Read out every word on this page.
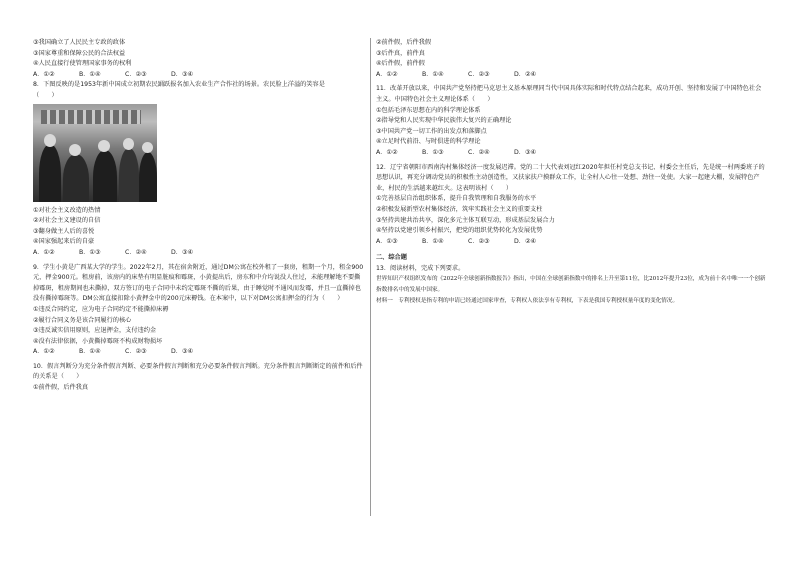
③我国确立了人民民主专政的政体
③国家尊重和保障公民的合法权益
④人民直接行使管理国家事务的权利
A．①②	B．①④	C．②③	D．③④
8．下图反映的是1953年新中国成立初期农民踊跃报名加入农业生产合作社的场景。农民脸上洋溢的笑容是
（　　）
①对社会主义改造的热情
②对社会主义建设的自信
③翻身做主人后的喜悦
④国家强起来后的自豪
A．①②	B．①③	C．②④	D．③④
9．学生小黄是广西某大学的学生。2022年2月，其在宿舍附近，通过DM公寓在校外租了一套房，租期一个月，租金900元，押金900元。租房前，该房内的床垫有明显脏痕和霉斑，小黄提出后，房东和中介均说没人住过，未能理解地不要撕掉霉斑，租房期间也未撕掉，双方签订的电子合同中未约定霉斑不撕的后果，由于睡觉时不通风而发霉，并且一直撕掉也没有撕掉霉斑等。DM公寓直接扣除小黄押金中的200元床褥钱。在本案中，以下对DM公寓扣押金的行为（　　）
①违反合同约定，应为电子合同约定不能撕掉床褥
②履行合同义务是该合同履行的核心
③违反诚实信用原则，应退押金，支付违约金
④没有法律依据，小黄撕掉霉斑不构成财物损坏
A．①②	B．①④	C．②③	D．③④
10．假言判断分为充分条件假言判断、必要条件假言判断和充分必要条件假言判断。充分条件假言判断断定的前件和后件的关系是（　　）
①前件假，后件我真
②前件假，后件我假
③后件真，前件真
④后件假，前件假
A．①②	B．①④	C．②③	D．②④
11．改革开放以来，中国共产党坚持把马克思主义基本原理同当代中国具体实际和时代特点结合起来，成功开创、坚持和发展了中国特色社会主义。中国特色社会主义理论体系（　　）
①包括毛泽东思想在内的科学理论体系
②指导党和人民实现中华民族伟大复兴的正确理论
③中国共产党一切工作的出发点和落脚点
④立足时代前沿、与时俱进的科学理论
A．①②	B．①③	C．②④	D．③④
12．辽宁省朝阳市西南沟村集体经济一度发展迟滞。党的二十大代表刘冠红2020年担任村党总支书记、村委会主任后，先是统一村两委班子的思想认识，再充分调动党员的积极性主动创造性，又扶家扶户摸群众工作，让全村人心往一处想、劲往一处使。大家一起建大棚，发展特色产业，村民的生活越来越红火。这表明该村（　　）
①完善基层自治组织体系，提升自我管理和自我服务的水平
②积极发展新型农村集体经济，筑牢实践社会主义的重要支柱
③坚持共建共治共享，深化多元主体互联互动，形成基层发展合力
④坚持以党建引领乡村振兴，把党的组织优势转化为发展优势
A．①③	B．①④	C．②③	D．②④
二、综合题
13．阅读材料，完成下列要求。
世界知识产权组织发布的《2022年全球创新指数报告》指出，中国在全球创新指数中的排名上升至第11位，比2012年提升23位，成为前十名中唯一一个创新指数排名中的发展中国家。
材料一　专利授权是指专利的申请已经通过国家审查，专利权人依法享有专利权，下表是我国专利授权量年度的变化情况。
